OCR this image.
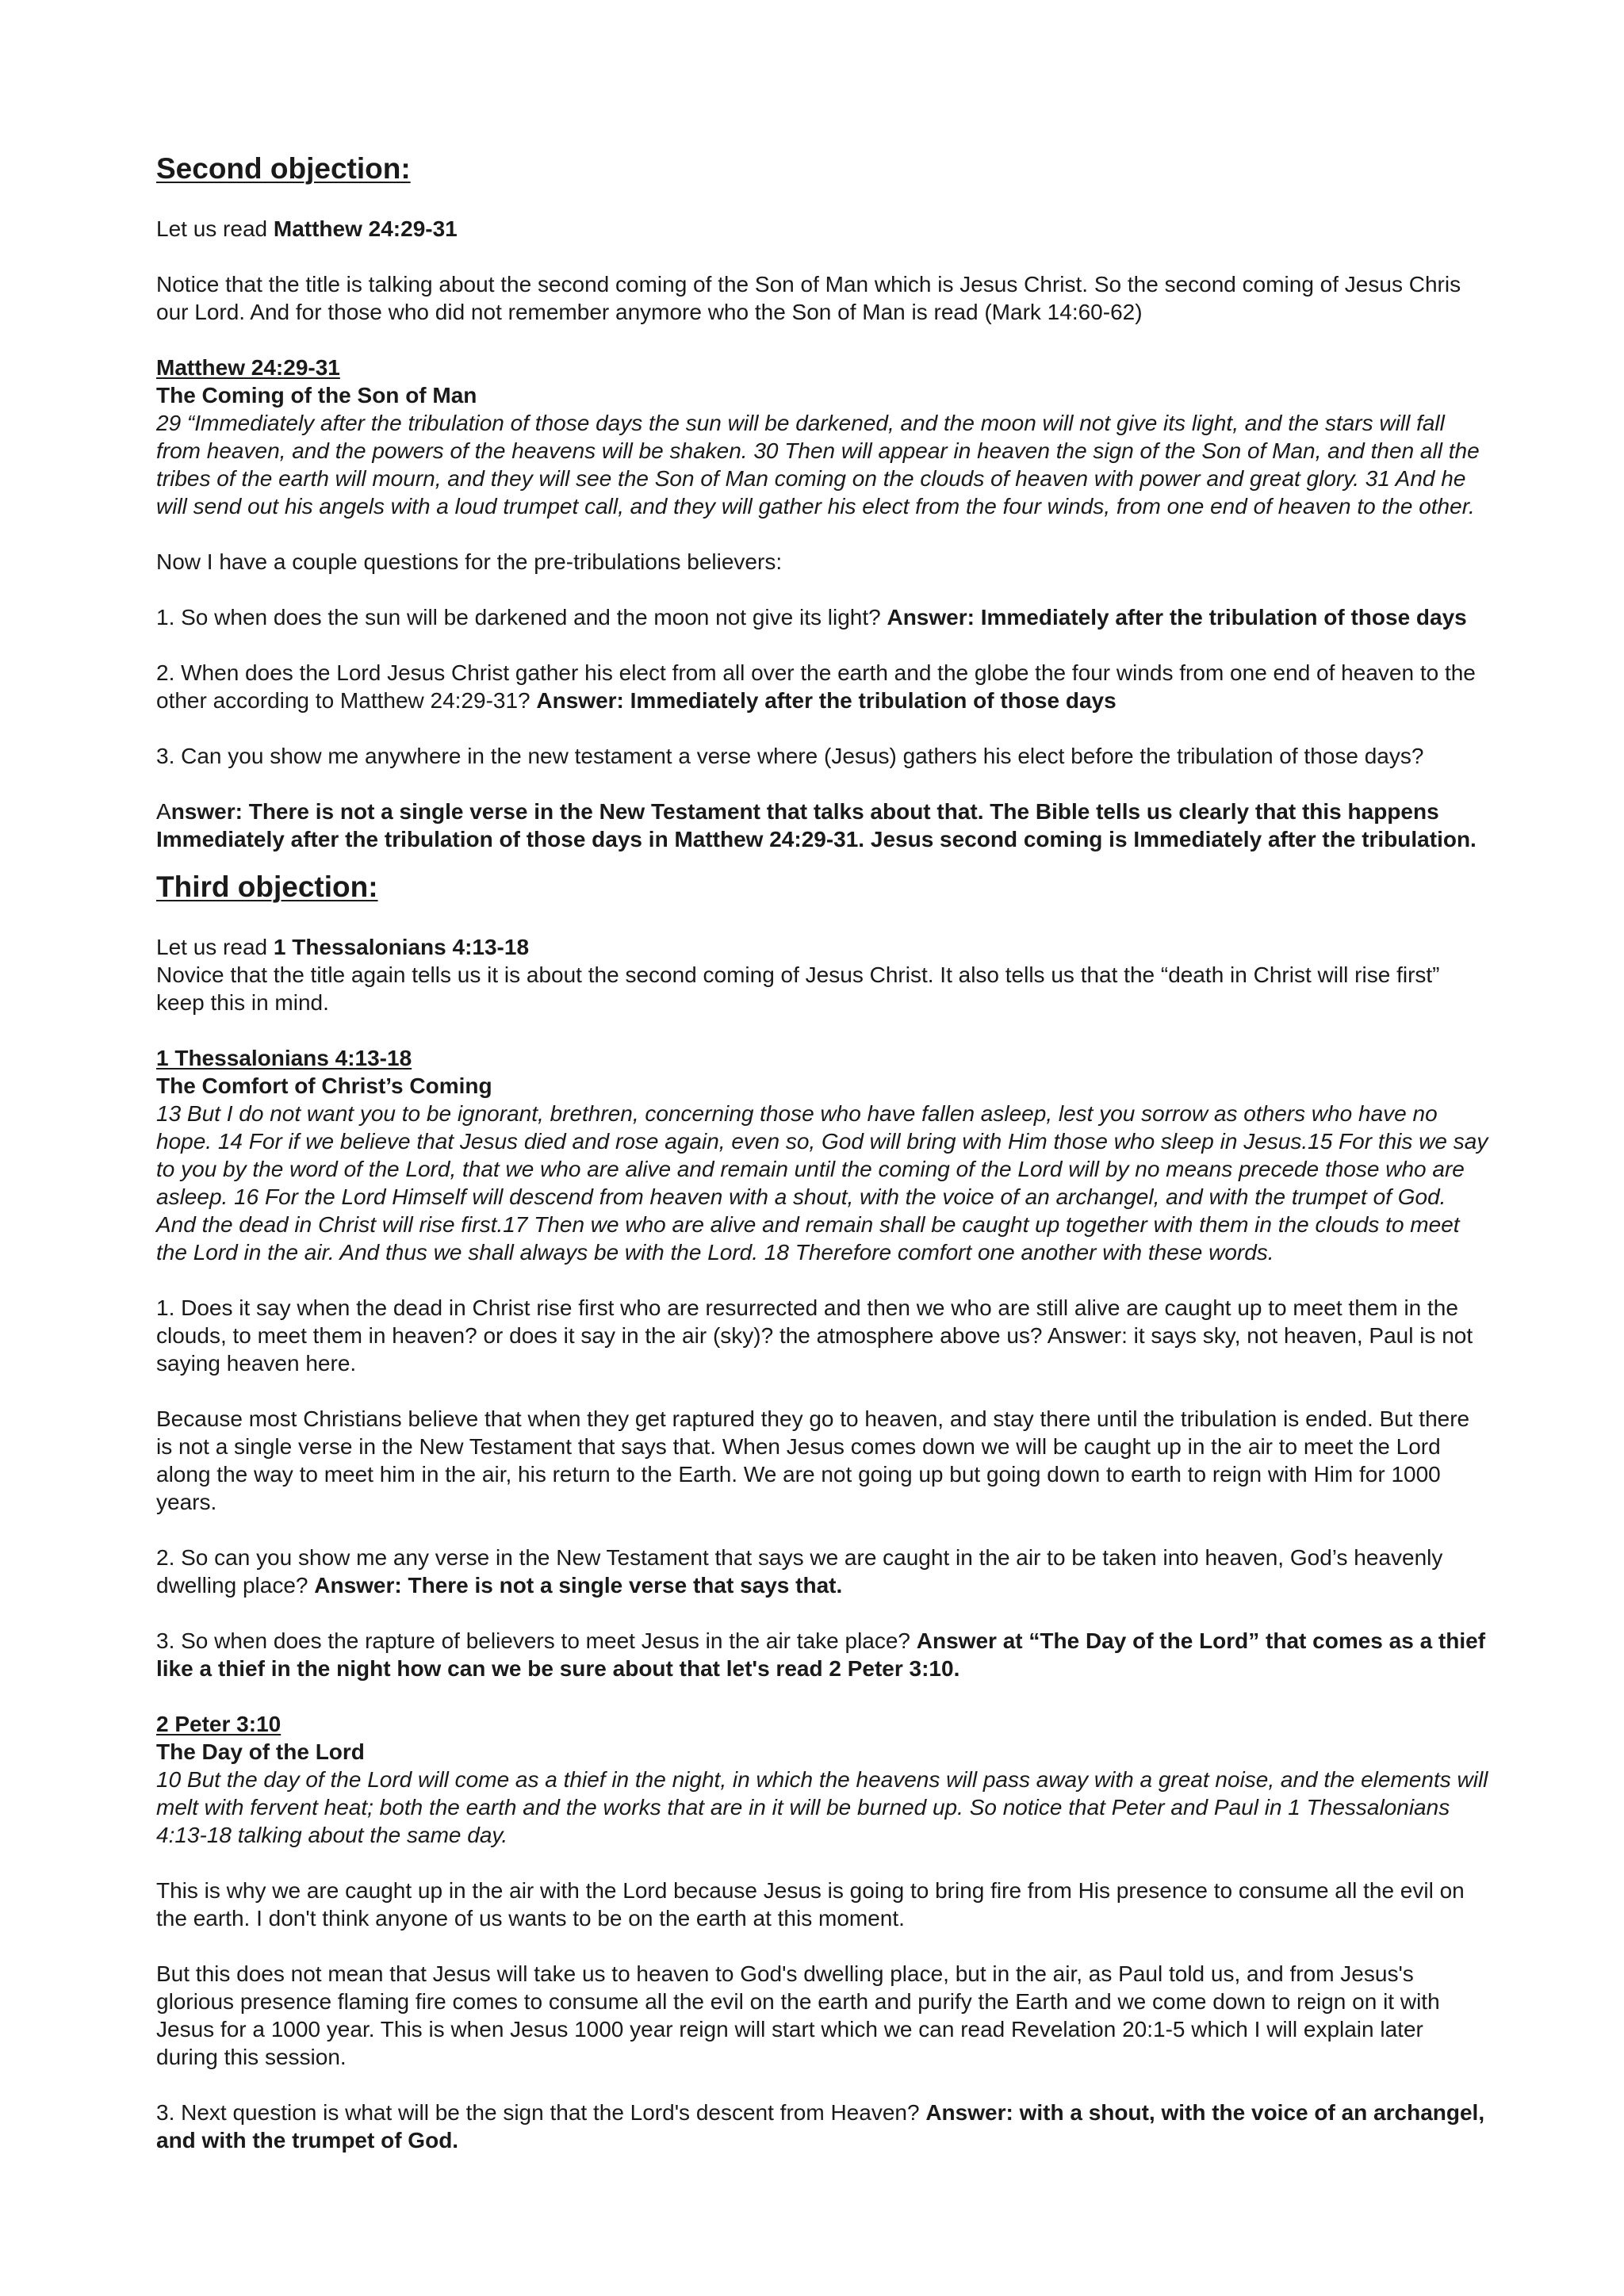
Second objection:

Let us read Matthew 24:29-31

Notice that the title is talking about the second coming of the Son of Man which is Jesus Christ. So the second coming of Jesus Chris our Lord. And for those who did not remember anymore who the Son of Man is read (Mark 14:60-62)

Matthew 24:29-31

The Coming of the Son of Man

29 “Immediately after the tribulation of those days the sun will be darkened, and the moon will not give its light, and the stars will fall from heaven, and the powers of the heavens will be shaken. 30 Then will appear in heaven the sign of the Son of Man, and then all the tribes of the earth will mourn, and they will see the Son of Man coming on the clouds of heaven with power and great glory. 31 And he will send out his angels with a loud trumpet call, and they will gather his elect from the four winds, from one end of heaven to the other.

Now I have a couple questions for the pre-tribulations believers:

1. So when does the sun will be darkened and the moon not give its light? Answer: Immediately after the tribulation of those days

2. When does the Lord Jesus Christ gather his elect from all over the earth and the globe the four winds from one end of heaven to the other according to Matthew 24:29-31? Answer: Immediately after the tribulation of those days

3. Can you show me anywhere in the new testament a verse where (Jesus) gathers his elect before the tribulation of those days?

Answer: There is not a single verse in the New Testament that talks about that. The Bible tells us clearly that this happens Immediately after the tribulation of those days in Matthew 24:29-31. Jesus second coming is Immediately after the tribulation.

Third objection:

Let us read 1 Thessalonians 4:13-18

Novice that the title again tells us it is about the second coming of Jesus Christ. It also tells us that the “death in Christ will rise first” keep this in mind.

1 Thessalonians 4:13-18

The Comfort of Christ’s Coming

13 But I do not want you to be ignorant, brethren, concerning those who have fallen asleep, lest you sorrow as others who have no hope. 14 For if we believe that Jesus died and rose again, even so, God will bring with Him those who sleep in Jesus.15 For this we say to you by the word of the Lord, that we who are alive and remain until the coming of the Lord will by no means precede those who are asleep. 16 For the Lord Himself will descend from heaven with a shout, with the voice of an archangel, and with the trumpet of God. And the dead in Christ will rise first.17 Then we who are alive and remain shall be caught up together with them in the clouds to meet the Lord in the air. And thus we shall always be with the Lord. 18 Therefore comfort one another with these words.

1. Does it say when the dead in Christ rise first who are resurrected and then we who are still alive are caught up to meet them in the clouds, to meet them in heaven? or does it say in the air (sky)? the atmosphere above us? Answer: it says sky, not heaven, Paul is not saying heaven here.

Because most Christians believe that when they get raptured they go to heaven, and stay there until the tribulation is ended. But there is not a single verse in the New Testament that says that. When Jesus comes down we will be caught up in the air to meet the Lord along the way to meet him in the air, his return to the Earth. We are not going up but going down to earth to reign with Him for 1000 years.

2. So can you show me any verse in the New Testament that says we are caught in the air to be taken into heaven, God’s heavenly dwelling place? Answer: There is not a single verse that says that.

3. So when does the rapture of believers to meet Jesus in the air take place? Answer at “The Day of the Lord” that comes as a thief like a thief in the night how can we be sure about that let's read 2 Peter 3:10.

2 Peter 3:10

The Day of the Lord

10 But the day of the Lord will come as a thief in the night, in which the heavens will pass away with a great noise, and the elements will melt with fervent heat; both the earth and the works that are in it will be burned up. So notice that Peter and Paul in 1 Thessalonians 4:13-18 talking about the same day.

This is why we are caught up in the air with the Lord because Jesus is going to bring fire from His presence to consume all the evil on the earth. I don't think anyone of us wants to be on the earth at this moment.

But this does not mean that Jesus will take us to heaven to God's dwelling place, but in the air, as Paul told us, and from Jesus's glorious presence flaming fire comes to consume all the evil on the earth and purify the Earth and we come down to reign on it with Jesus for a 1000 year. This is when Jesus 1000 year reign will start which we can read Revelation 20:1-5 which I will explain later during this session.

3. Next question is what will be the sign that the Lord's descent from Heaven? Answer: with a shout, with the voice of an archangel, and with the trumpet of God.
